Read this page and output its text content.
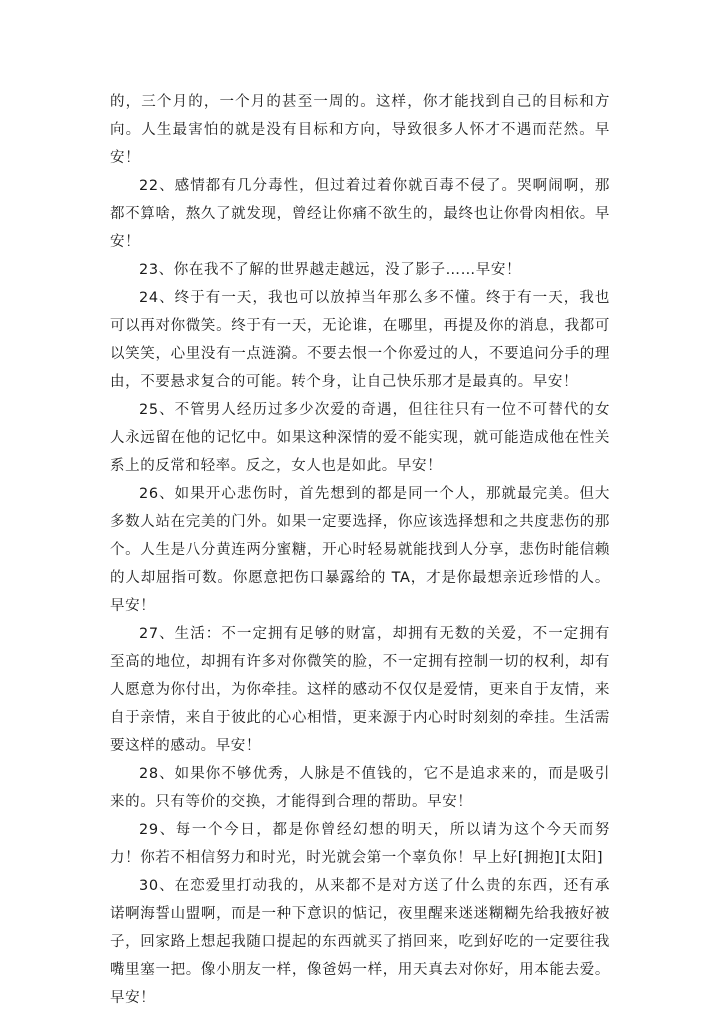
的，三个月的，一个月的甚至一周的。这样，你才能找到自己的目标和方向。人生最害怕的就是没有目标和方向，导致很多人怀才不遇而茫然。早安！

22、感情都有几分毒性，但过着过着你就百毒不侵了。哭啊闹啊，那都不算啥，熬久了就发现，曾经让你痛不欲生的，最终也让你骨肉相依。早安！

23、你在我不了解的世界越走越远，没了影子……早安！

24、终于有一天，我也可以放掉当年那么多不懂。终于有一天，我也可以再对你微笑。终于有一天，无论谁，在哪里，再提及你的消息，我都可以笑笑，心里没有一点涟漪。不要去恨一个你爱过的人，不要追问分手的理由，不要悬求复合的可能。转个身，让自己快乐那才是最真的。早安！

25、不管男人经历过多少次爱的奇遇，但往往只有一位不可替代的女人永远留在他的记忆中。如果这种深情的爱不能实现，就可能造成他在性关系上的反常和轻率。反之，女人也是如此。早安！

26、如果开心悲伤时，首先想到的都是同一个人，那就最完美。但大多数人站在完美的门外。如果一定要选择，你应该选择想和之共度悲伤的那个。人生是八分黄连两分蜜糖，开心时轻易就能找到人分享，悲伤时能信赖的人却屈指可数。你愿意把伤口暴露给的 TA，才是你最想亲近珍惜的人。早安！

27、生活：不一定拥有足够的财富，却拥有无数的关爱，不一定拥有至高的地位，却拥有许多对你微笑的脸，不一定拥有控制一切的权利，却有人愿意为你付出，为你牵挂。这样的感动不仅仅是爱情，更来自于友情，来自于亲情，来自于彼此的心心相惜，更来源于内心时时刻刻的牵挂。生活需要这样的感动。早安！

28、如果你不够优秀，人脉是不值钱的，它不是追求来的，而是吸引来的。只有等价的交换，才能得到合理的帮助。早安！

29、每一个今日，都是你曾经幻想的明天，所以请为这个今天而努力！你若不相信努力和时光，时光就会第一个辜负你！早上好[拥抱][太阳]

30、在恋爱里打动我的，从来都不是对方送了什么贵的东西，还有承诺啊海誓山盟啊，而是一种下意识的惦记，夜里醒来迷迷糊糊先给我掖好被子，回家路上想起我随口提起的东西就买了捎回来，吃到好吃的一定要往我嘴里塞一把。像小朋友一样，像爸妈一样，用天真去对你好，用本能去爱。早安！
